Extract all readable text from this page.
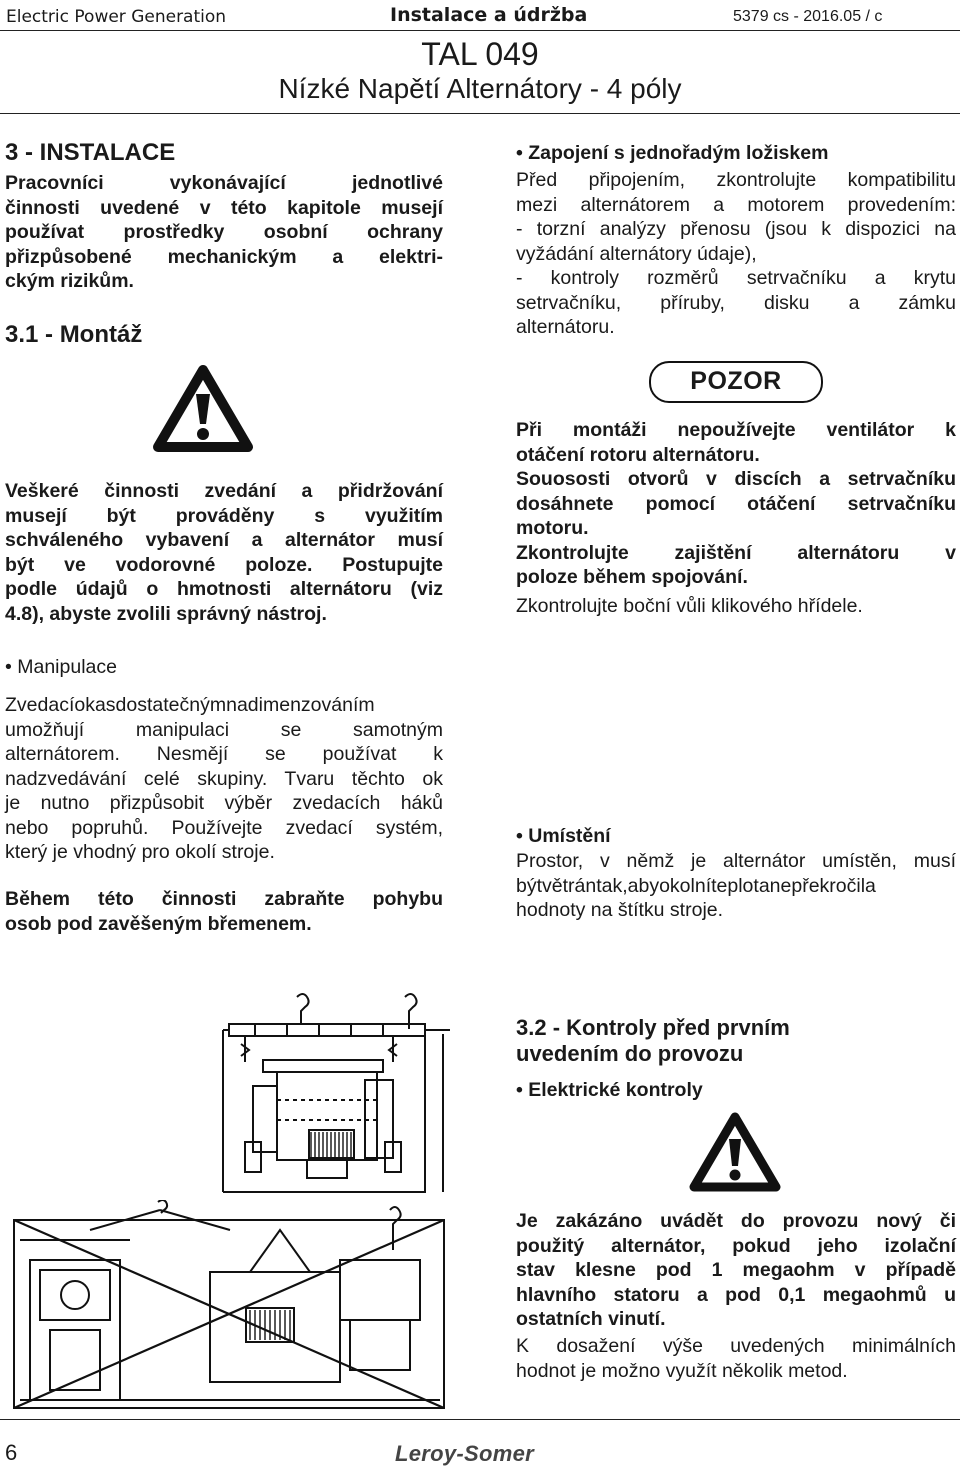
Electric Power Generation	Instalace a údržba	5379 cs - 2016.05 / c
TAL 049
Nízké Napětí Alternátory - 4 póly
3 - INSTALACE
Pracovníci vykonávající jednotlivé
činnosti uvedené v této kapitole musejí
používat prostředky osobní ochrany
přizpůsobené mechanickým a elektri-
ckým rizikům.
3.1 - Montáž
Veškeré činnosti zvedání a přidržování
musejí být prováděny s využitím
schváleného vybavení a alternátor musí
být ve vodorovné poloze. Postupujte
podle údajů o hmotnosti alternátoru (viz
4.8), abyste zvolili správný nástroj.
• Manipulace
Zvedacíokasdostatečnýmnadimenzováním
umožňují manipulaci se samotným
alternátorem. Nesmějí se používat k
nadzvedávání celé skupiny. Tvaru těchto ok
je nutno přizpůsobit výběr zvedacích háků
nebo popruhů. Používejte zvedací systém,
který je vhodný pro okolí stroje.
Během této činnosti zabraňte pohybu
osob pod zavěšeným břemenem.
• Zapojení s jednořadým ložiskem
Před připojením, zkontrolujte kompatibilitu
mezi alternátorem a motorem provedením:
- torzní analýzy přenosu (jsou k dispozici na
vyžádání alternátory údaje),
- kontroly rozměrů setrvačníku a krytu
setrvačníku, příruby, disku a zámku
alternátoru.
POZOR
Při montáži nepoužívejte ventilátor k
otáčení rotoru alternátoru.
Souososti otvorů v discích a setrvačníku
dosáhnete pomocí otáčení setrvačníku
motoru.
Zkontrolujte zajištění alternátoru v
poloze během spojování.
Zkontrolujte boční vůli klikového hřídele.
• Umístění
Prostor, v němž je alternátor umístěn, musí
býtvětrántak,abyokolníteplotanepřekročila
hodnoty na štítku stroje.
3.2 - Kontroly před prvním
uvedením do provozu
• Elektrické kontroly
Je zakázáno uvádět do provozu nový či
použitý alternátor, pokud jeho izolační
stav klesne pod 1 megaohm v případě
hlavního statoru a pod 0,1 megaohmů u
ostatních vinutí.
K dosažení výše uvedených minimálních
hodnot je možno využít několik metod.
6	Leroy-Somer
